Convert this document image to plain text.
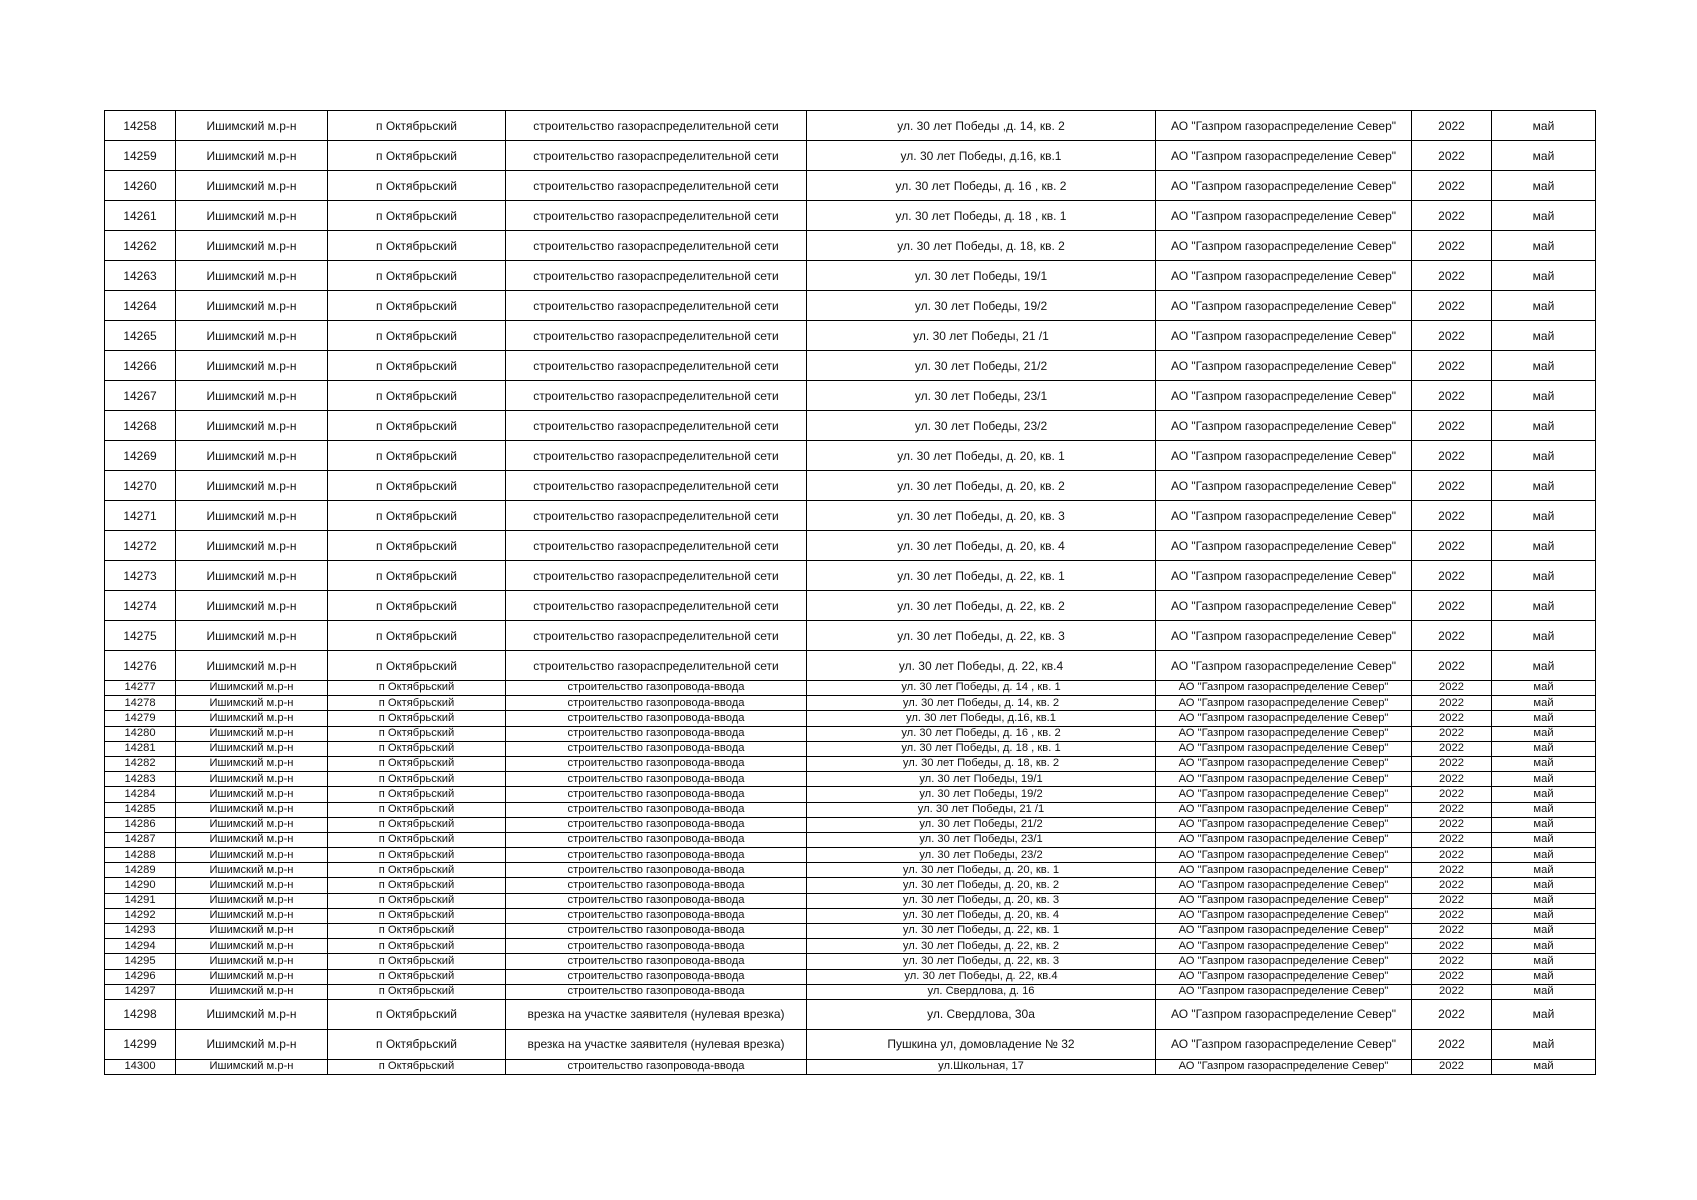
14258	Ишимский м.р-н	п Октябрьский	строительство газораспределительной сети	ул. 30 лет Победы ,д. 14, кв. 2	АО "Газпром газораспределение Север"	2022	май
14259	Ишимский м.р-н	п Октябрьский	строительство газораспределительной сети	ул. 30 лет Победы, д.16, кв.1	АО "Газпром газораспределение Север"	2022	май
14260	Ишимский м.р-н	п Октябрьский	строительство газораспределительной сети	ул. 30 лет Победы, д. 16 , кв. 2	АО "Газпром газораспределение Север"	2022	май
14261	Ишимский м.р-н	п Октябрьский	строительство газораспределительной сети	ул. 30 лет Победы, д. 18 , кв. 1	АО "Газпром газораспределение Север"	2022	май
14262	Ишимский м.р-н	п Октябрьский	строительство газораспределительной сети	ул. 30 лет Победы, д. 18, кв. 2	АО "Газпром газораспределение Север"	2022	май
14263	Ишимский м.р-н	п Октябрьский	строительство газораспределительной сети	ул. 30 лет Победы, 19/1	АО "Газпром газораспределение Север"	2022	май
14264	Ишимский м.р-н	п Октябрьский	строительство газораспределительной сети	ул. 30 лет Победы, 19/2	АО "Газпром газораспределение Север"	2022	май
14265	Ишимский м.р-н	п Октябрьский	строительство газораспределительной сети	ул. 30 лет Победы, 21 /1	АО "Газпром газораспределение Север"	2022	май
14266	Ишимский м.р-н	п Октябрьский	строительство газораспределительной сети	ул. 30 лет Победы, 21/2	АО "Газпром газораспределение Север"	2022	май
14267	Ишимский м.р-н	п Октябрьский	строительство газораспределительной сети	ул. 30 лет Победы, 23/1	АО "Газпром газораспределение Север"	2022	май
14268	Ишимский м.р-н	п Октябрьский	строительство газораспределительной сети	ул. 30 лет Победы, 23/2	АО "Газпром газораспределение Север"	2022	май
14269	Ишимский м.р-н	п Октябрьский	строительство газораспределительной сети	ул. 30 лет Победы, д. 20, кв. 1	АО "Газпром газораспределение Север"	2022	май
14270	Ишимский м.р-н	п Октябрьский	строительство газораспределительной сети	ул. 30 лет Победы, д. 20, кв. 2	АО "Газпром газораспределение Север"	2022	май
14271	Ишимский м.р-н	п Октябрьский	строительство газораспределительной сети	ул. 30 лет Победы, д. 20, кв. 3	АО "Газпром газораспределение Север"	2022	май
14272	Ишимский м.р-н	п Октябрьский	строительство газораспределительной сети	ул. 30 лет Победы, д. 20, кв. 4	АО "Газпром газораспределение Север"	2022	май
14273	Ишимский м.р-н	п Октябрьский	строительство газораспределительной сети	ул. 30 лет Победы, д. 22, кв. 1	АО "Газпром газораспределение Север"	2022	май
14274	Ишимский м.р-н	п Октябрьский	строительство газораспределительной сети	ул. 30 лет Победы, д. 22, кв. 2	АО "Газпром газораспределение Север"	2022	май
14275	Ишимский м.р-н	п Октябрьский	строительство газораспределительной сети	ул. 30 лет Победы, д. 22, кв. 3	АО "Газпром газораспределение Север"	2022	май
14276	Ишимский м.р-н	п Октябрьский	строительство газораспределительной сети	ул. 30 лет Победы, д. 22, кв.4	АО "Газпром газораспределение Север"	2022	май
14277	Ишимский м.р-н	п Октябрьский	строительство газопровода-ввода	ул. 30 лет Победы, д. 14 , кв. 1	АО "Газпром газораспределение Север"	2022	май
14278	Ишимский м.р-н	п Октябрьский	строительство газопровода-ввода	ул. 30 лет Победы, д. 14, кв. 2	АО "Газпром газораспределение Север"	2022	май
14279	Ишимский м.р-н	п Октябрьский	строительство газопровода-ввода	ул. 30 лет Победы, д.16, кв.1	АО "Газпром газораспределение Север"	2022	май
14280	Ишимский м.р-н	п Октябрьский	строительство газопровода-ввода	ул. 30 лет Победы, д. 16 , кв. 2	АО "Газпром газораспределение Север"	2022	май
14281	Ишимский м.р-н	п Октябрьский	строительство газопровода-ввода	ул. 30 лет Победы, д. 18 , кв. 1	АО "Газпром газораспределение Север"	2022	май
14282	Ишимский м.р-н	п Октябрьский	строительство газопровода-ввода	ул. 30 лет Победы, д. 18, кв. 2	АО "Газпром газораспределение Север"	2022	май
14283	Ишимский м.р-н	п Октябрьский	строительство газопровода-ввода	ул. 30 лет Победы, 19/1	АО "Газпром газораспределение Север"	2022	май
14284	Ишимский м.р-н	п Октябрьский	строительство газопровода-ввода	ул. 30 лет Победы, 19/2	АО "Газпром газораспределение Север"	2022	май
14285	Ишимский м.р-н	п Октябрьский	строительство газопровода-ввода	ул. 30 лет Победы, 21 /1	АО "Газпром газораспределение Север"	2022	май
14286	Ишимский м.р-н	п Октябрьский	строительство газопровода-ввода	ул. 30 лет Победы, 21/2	АО "Газпром газораспределение Север"	2022	май
14287	Ишимский м.р-н	п Октябрьский	строительство газопровода-ввода	ул. 30 лет Победы, 23/1	АО "Газпром газораспределение Север"	2022	май
14288	Ишимский м.р-н	п Октябрьский	строительство газопровода-ввода	ул. 30 лет Победы, 23/2	АО "Газпром газораспределение Север"	2022	май
14289	Ишимский м.р-н	п Октябрьский	строительство газопровода-ввода	ул. 30 лет Победы, д. 20, кв. 1	АО "Газпром газораспределение Север"	2022	май
14290	Ишимский м.р-н	п Октябрьский	строительство газопровода-ввода	ул. 30 лет Победы, д. 20, кв. 2	АО "Газпром газораспределение Север"	2022	май
14291	Ишимский м.р-н	п Октябрьский	строительство газопровода-ввода	ул. 30 лет Победы, д. 20, кв. 3	АО "Газпром газораспределение Север"	2022	май
14292	Ишимский м.р-н	п Октябрьский	строительство газопровода-ввода	ул. 30 лет Победы, д. 20, кв. 4	АО "Газпром газораспределение Север"	2022	май
14293	Ишимский м.р-н	п Октябрьский	строительство газопровода-ввода	ул. 30 лет Победы, д. 22, кв. 1	АО "Газпром газораспределение Север"	2022	май
14294	Ишимский м.р-н	п Октябрьский	строительство газопровода-ввода	ул. 30 лет Победы, д. 22, кв. 2	АО "Газпром газораспределение Север"	2022	май
14295	Ишимский м.р-н	п Октябрьский	строительство газопровода-ввода	ул. 30 лет Победы, д. 22, кв. 3	АО "Газпром газораспределение Север"	2022	май
14296	Ишимский м.р-н	п Октябрьский	строительство газопровода-ввода	ул. 30 лет Победы, д. 22, кв.4	АО "Газпром газораспределение Север"	2022	май
14297	Ишимский м.р-н	п Октябрьский	строительство газопровода-ввода	ул. Свердлова, д. 16	АО "Газпром газораспределение Север"	2022	май
14298	Ишимский м.р-н	п Октябрьский	врезка на участке заявителя (нулевая врезка)	ул. Свердлова, 30а	АО "Газпром газораспределение Север"	2022	май
14299	Ишимский м.р-н	п Октябрьский	врезка на участке заявителя (нулевая врезка)	Пушкина ул, домовладение № 32	АО "Газпром газораспределение Север"	2022	май
14300	Ишимский м.р-н	п Октябрьский	строительство газопровода-ввода	ул.Школьная, 17	АО "Газпром газораспределение Север"	2022	май
